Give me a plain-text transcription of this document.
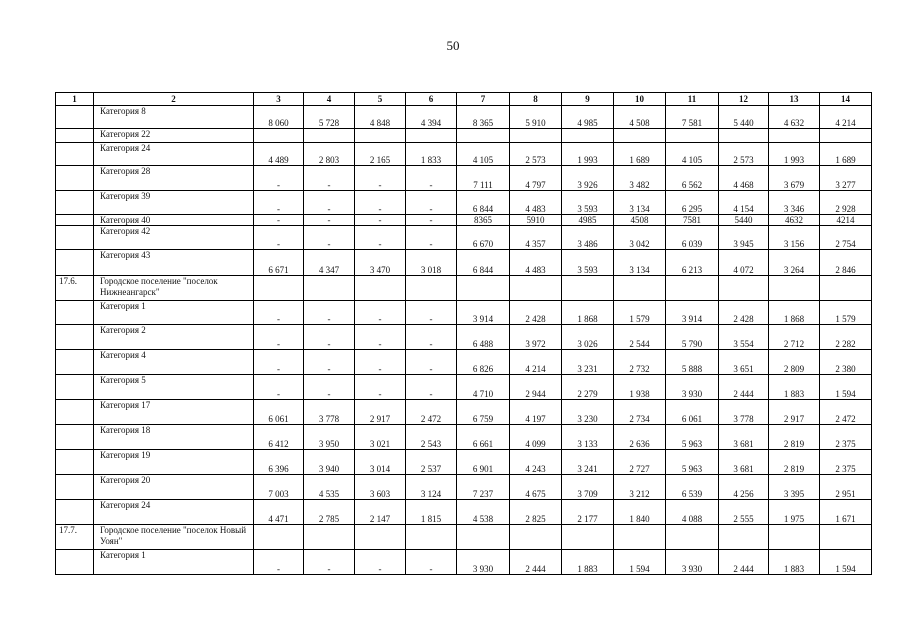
50
1	2	3	4	5	6	7	8	9	10	11	12	13	14
	Категория 8	8 060	5 728	4 848	4 394	8 365	5 910	4 985	4 508	7 581	5 440	4 632	4 214
	Категория 22												
	Категория 24	4 489	2 803	2 165	1 833	4 105	2 573	1 993	1 689	4 105	2 573	1 993	1 689
	Категория 28	-	-	-	-	7 111	4 797	3 926	3 482	6 562	4 468	3 679	3 277
	Категория 39	-	-	-	-	6 844	4 483	3 593	3 134	6 295	4 154	3 346	2 928
	Категория 40	-	-	-	-	8365	5910	4985	4508	7581	5440	4632	4214
	Категория 42	-	-	-	-	6 670	4 357	3 486	3 042	6 039	3 945	3 156	2 754
	Категория 43	6 671	4 347	3 470	3 018	6 844	4 483	3 593	3 134	6 213	4 072	3 264	2 846
17.6.	Городское поселение "поселок Нижнеангарск"												
	Категория 1	-	-	-	-	3 914	2 428	1 868	1 579	3 914	2 428	1 868	1 579
	Категория 2	-	-	-	-	6 488	3 972	3 026	2 544	5 790	3 554	2 712	2 282
	Категория 4	-	-	-	-	6 826	4 214	3 231	2 732	5 888	3 651	2 809	2 380
	Категория 5	-	-	-	-	4 710	2 944	2 279	1 938	3 930	2 444	1 883	1 594
	Категория 17	6 061	3 778	2 917	2 472	6 759	4 197	3 230	2 734	6 061	3 778	2 917	2 472
	Категория 18	6 412	3 950	3 021	2 543	6 661	4 099	3 133	2 636	5 963	3 681	2 819	2 375
	Категория 19	6 396	3 940	3 014	2 537	6 901	4 243	3 241	2 727	5 963	3 681	2 819	2 375
	Категория 20	7 003	4 535	3 603	3 124	7 237	4 675	3 709	3 212	6 539	4 256	3 395	2 951
	Категория 24	4 471	2 785	2 147	1 815	4 538	2 825	2 177	1 840	4 088	2 555	1 975	1 671
17.7.	Городское поселение "поселок Новый Уоян"												
	Категория 1	-	-	-	-	3 930	2 444	1 883	1 594	3 930	2 444	1 883	1 594
